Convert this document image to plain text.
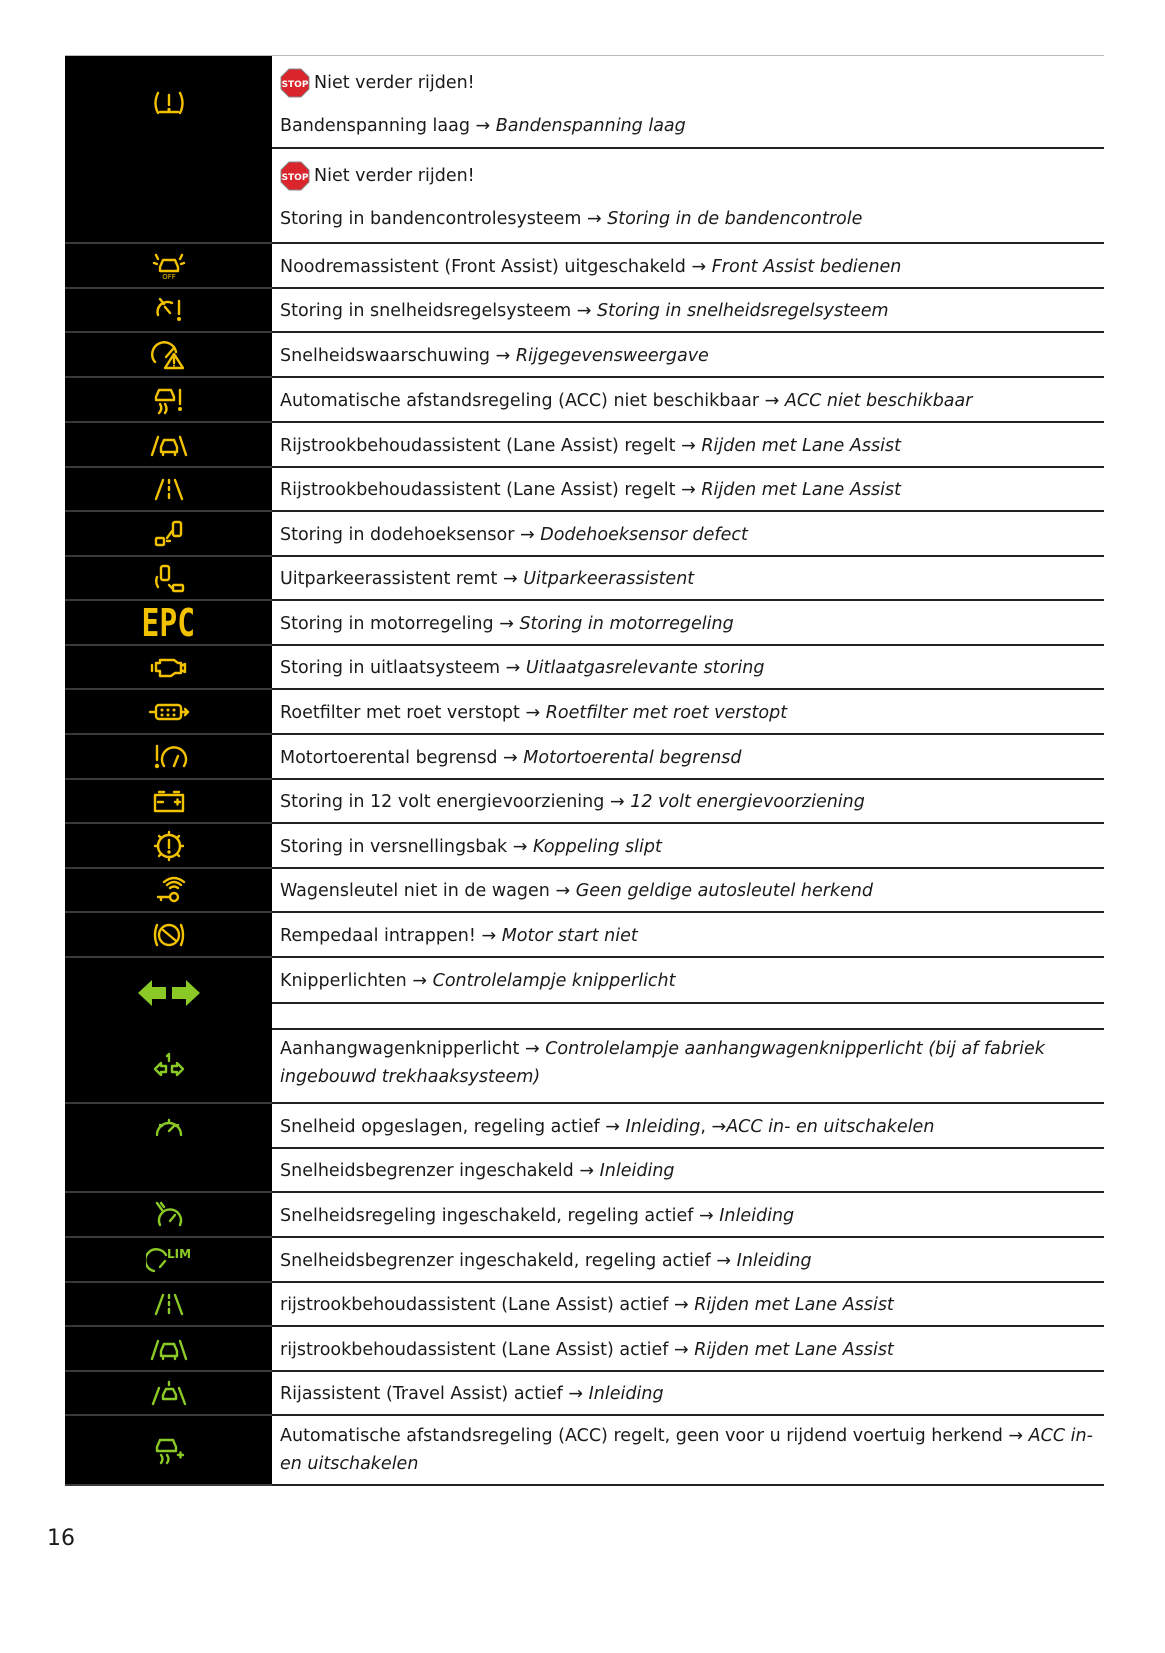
STOP Niet verder rijden!
Bandenspanning laag → Bandenspanning laag
STOP Niet verder rijden!
Storing in bandencontrolesysteem → Storing in de bandencontrole
OFF	Noodremassistent (Front Assist) uitgeschakeld → Front Assist bedienen
Storing in snelheidsregelsysteem → Storing in snelheidsregelsysteem
Snelheidswaarschuwing → Rijgegevensweergave
Automatische afstandsregeling (ACC) niet beschikbaar → ACC niet beschikbaar
Rijstrookbehoudassistent (Lane Assist) regelt → Rijden met Lane Assist
Rijstrookbehoudassistent (Lane Assist) regelt → Rijden met Lane Assist
Storing in dodehoeksensor → Dodehoeksensor defect
Uitparkeerassistent remt → Uitparkeerassistent
EPC	Storing in motorregeling → Storing in motorregeling
Storing in uitlaatsysteem → Uitlaatgasrelevante storing
Roetfilter met roet verstopt → Roetfilter met roet verstopt
Motortoerental begrensd → Motortoerental begrensd
Storing in 12 volt energievoorziening → 12 volt energievoorziening
Storing in versnellingsbak → Koppeling slipt
Wagensleutel niet in de wagen → Geen geldige autosleutel herkend
Rempedaal intrappen! → Motor start niet
Knipperlichten → Controlelampje knipperlicht
Aanhangwagenknipperlicht → Controlelampje aanhangwagenknipperlicht (bij af fabriek ingebouwd trekhaaksysteem)
Snelheid opgeslagen, regeling actief → Inleiding, →ACC in- en uitschakelen
Snelheidsbegrenzer ingeschakeld → Inleiding
Snelheidsregeling ingeschakeld, regeling actief → Inleiding
LIM	Snelheidsbegrenzer ingeschakeld, regeling actief → Inleiding
rijstrookbehoudassistent (Lane Assist) actief → Rijden met Lane Assist
rijstrookbehoudassistent (Lane Assist) actief → Rijden met Lane Assist
Rijassistent (Travel Assist) actief → Inleiding
Automatische afstandsregeling (ACC) regelt, geen voor u rijdend voertuig herkend → ACC in- en uitschakelen
16
